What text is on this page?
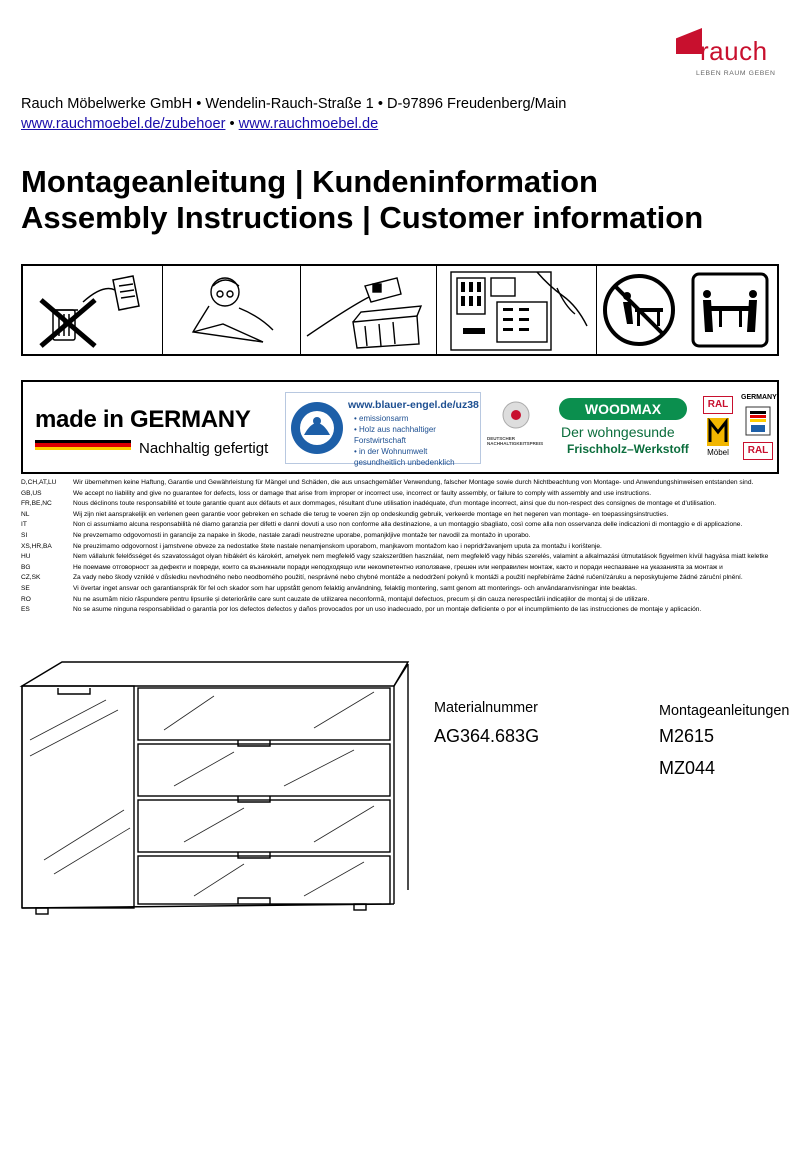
rauch
LEBEN RAUM GEBEN
Rauch Möbelwerke GmbH • Wendelin-Rauch-Straße 1 • D-97896 Freudenberg/Main
www.rauchmoebel.de/zubehoer • www.rauchmoebel.de
Montageanleitung | Kundeninformation
Assembly Instructions | Customer information
made in GERMANY
Nachhaltig gefertigt
www.blauer-engel.de/uz38
• emissionsarm
• Holz aus nachhaltiger Forstwirtschaft
• in der Wohnumwelt gesundheitlich unbedenklich
DEUTSCHER NACHHALTIGKEITSPREIS
WOODMAX
Der wohngesunde
Frischholz–Werkstoff
RAL
Möbel
GERMANY
RAL
D,CH,AT,LU	Wir übernehmen keine Haftung, Garantie und Gewährleistung für Mängel und Schäden, die aus unsachgemäßer Verwendung, falscher Montage sowie durch Nichtbeachtung von Montage- und Anwendungshinweisen entstanden sind.
GB,US	We accept no liability and give no guarantee for defects, loss or damage that arise from improper or incorrect use, incorrect or faulty assembly, or failure to comply with assembly and use instructions.
FR,BE,NC	Nous déclinons toute responsabilité et toute garantie quant aux défauts et aux dommages, résultant d'une utilisation inadéquate, d'un montage incorrect, ainsi que du non-respect des consignes de montage et d'utilisation.
NL	Wij zijn niet aansprakelijk en verlenen geen garantie voor gebreken en schade die terug te voeren zijn op ondeskundig gebruik, verkeerde montage en het negeren van montage- en toepassingsinstructies.
IT	Non ci assumiamo alcuna responsabilità né diamo garanzia per difetti e danni dovuti a uso non conforme alla destinazione, a un montaggio sbagliato, così come alla non osservanza delle indicazioni di montaggio e di applicazione.
SI	Ne prevzemamo odgovornosti in garancije za napake in škode, nastale zaradi neustrezne uporabe, pomanjkljive montaže ter navodil za montažo in uporabo.
XS,HR,BA	Ne preuzimamo odgovornost i jamstvene obveze za nedostatke štete nastale nenamjenskom uporabom, manjkavom montažom kao i nepridržavanjem uputa za montažu i korištenje.
HU	Nem vállalunk felelősséget és szavatosságot olyan hibákért és károkért, amelyek nem megfelelő vagy szakszerűtlen használat, nem megfelelő vagy hibás szerelés, valamint a alkalmazási útmutatások figyelmen kívül hagyása miatt keletke
BG	Не поемаме отговорност за дефекти и повреди, които са възникнали поради неподходящо или некомпетентно използване, грешен или неправилен монтаж, както и поради неспазване на указанията за монтаж и
CZ,SK	Za vady nebo škody vzniklé v důsledku nevhodného nebo neodborného použití, nesprávné nebo chybné montáže a nedodržení pokynů k montáži a použití nepřebíráme žádné ručení/záruku a neposkytujeme žádné záruční plnění.
SE	Vi övertar inget ansvar och garantiansprák för fel och skador som har uppstått genom felaktig användning, felaktig montering, samt genom att monterings- och användaranvisningar inte beaktas.
RO	Nu ne asumăm nicio răspundere pentru lipsurile și deteriorările care sunt cauzate de utilizarea neconformă, montajul defectuos, precum și din cauza nerespectării indicațiilor de montaj și de utilizare.
ES	No se asume ninguna responsabilidad o garantía por los defectos defectos y daños provocados por un uso inadecuado, por un montaje deficiente o por el incumplimiento de las instrucciones de montaje y aplicación.
Materialnummer
AG364.683G
Montageanleitungen
M2615
MZ044
